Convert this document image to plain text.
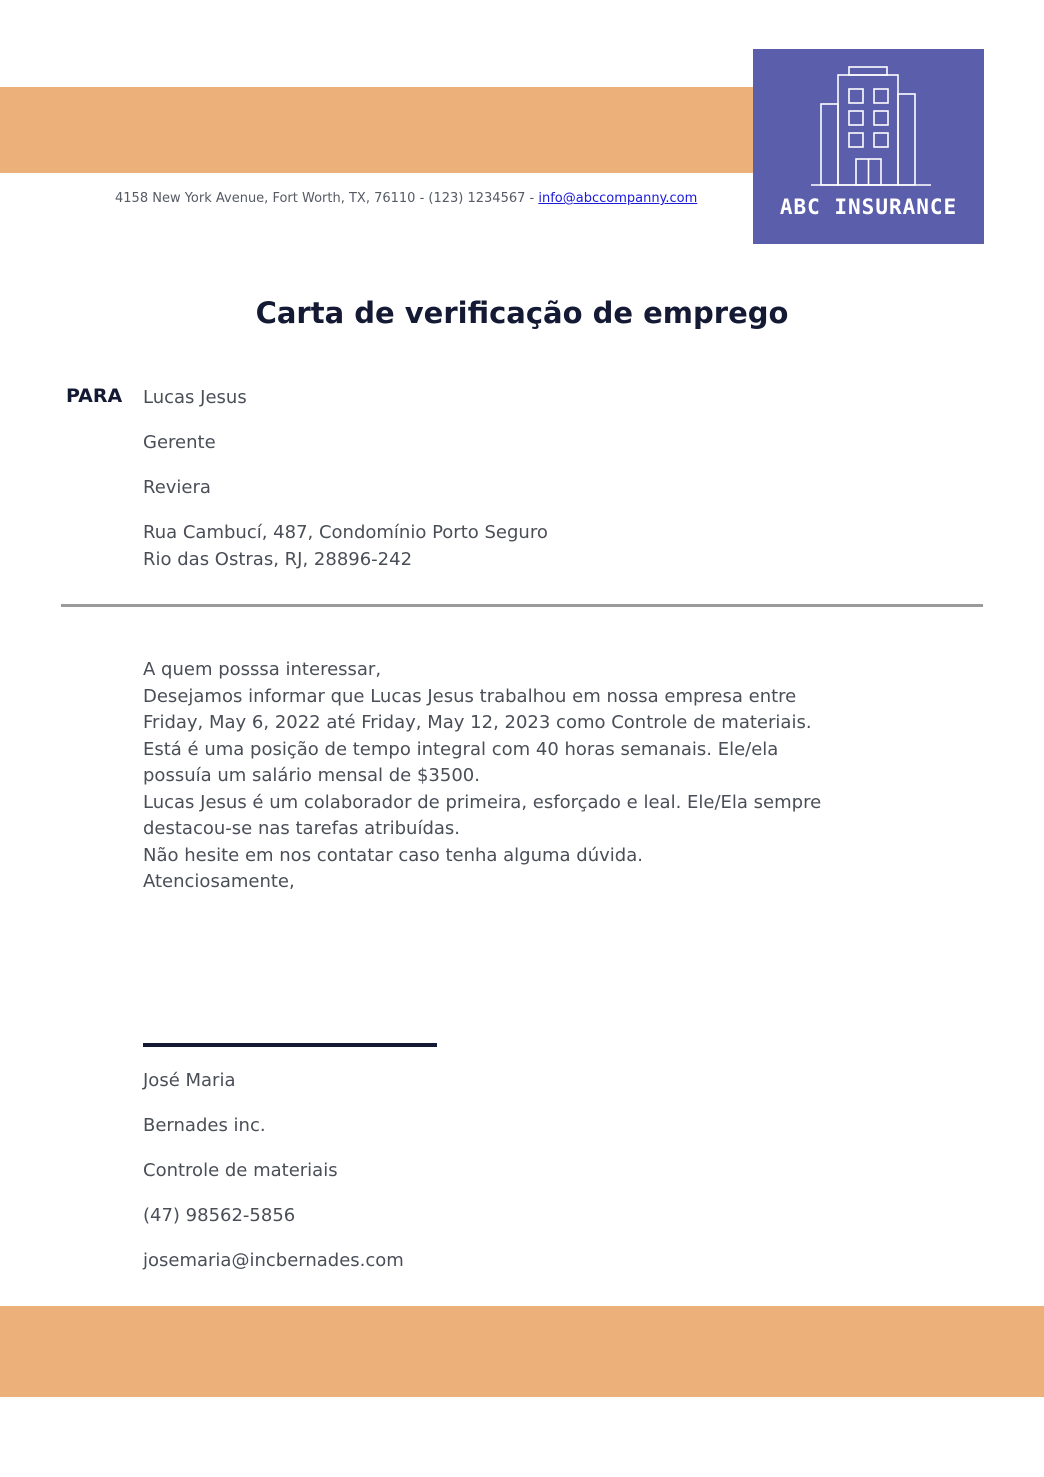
ABC INSURANCE
4158 New York Avenue, Fort Worth, TX, 76110 - (123) 1234567 - info@abccompanny.com
Carta de verificação de emprego
PARA Lucas Jesus
Gerente
Reviera
Rua Cambucí, 487, Condomínio Porto Seguro
Rio das Ostras, RJ, 28896-242

A quem posssa interessar,

Desejamos informar que Lucas Jesus trabalhou em nossa empresa entre Friday, May 6, 2022 até Friday, May 12, 2023 como Controle de materiais. Está é uma posição de tempo integral com 40 horas semanais. Ele/ela possuía um salário mensal de $3500.

Lucas Jesus é um colaborador de primeira, esforçado e leal. Ele/Ela sempre destacou-se nas tarefas atribuídas.

Não hesite em nos contatar caso tenha alguma dúvida.

Atenciosamente,

José Maria
Bernades inc.
Controle de materiais
(47) 98562-5856
josemaria@incbernades.com
